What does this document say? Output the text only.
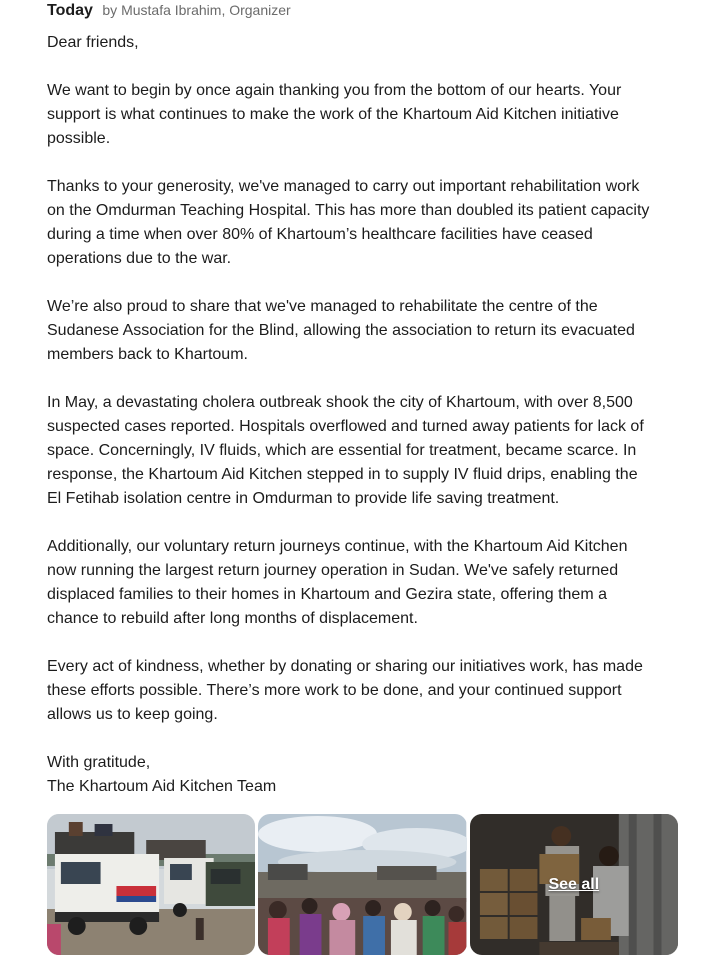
Today by Mustafa Ibrahim, Organizer

Dear friends,

We want to begin by once again thanking you from the bottom of our hearts. Your
support is what continues to make the work of the Khartoum Aid Kitchen initiative
possible.

Thanks to your generosity, we've managed to carry out important rehabilitation work
on the Omdurman Teaching Hospital. This has more than doubled its patient capacity
during a time when over 80% of Khartoum’s healthcare facilities have ceased
operations due to the war.

We’re also proud to share that we've managed to rehabilitate the centre of the
Sudanese Association for the Blind, allowing the association to return its evacuated
members back to Khartoum.

In May, a devastating cholera outbreak shook the city of Khartoum, with over 8,500
suspected cases reported. Hospitals overflowed and turned away patients for lack of
space. Concerningly, IV fluids, which are essential for treatment, became scarce. In
response, the Khartoum Aid Kitchen stepped in to supply IV fluid drips, enabling the
El Fetihab isolation centre in Omdurman to provide life saving treatment.

Additionally, our voluntary return journeys continue, with the Khartoum Aid Kitchen
now running the largest return journey operation in Sudan. We've safely returned
displaced families to their homes in Khartoum and Gezira state, offering them a
chance to rebuild after long months of displacement.

Every act of kindness, whether by donating or sharing our initiatives work, has made
these efforts possible. There’s more work to be done, and your continued support
allows us to keep going.

With gratitude,
The Khartoum Aid Kitchen Team

See all
